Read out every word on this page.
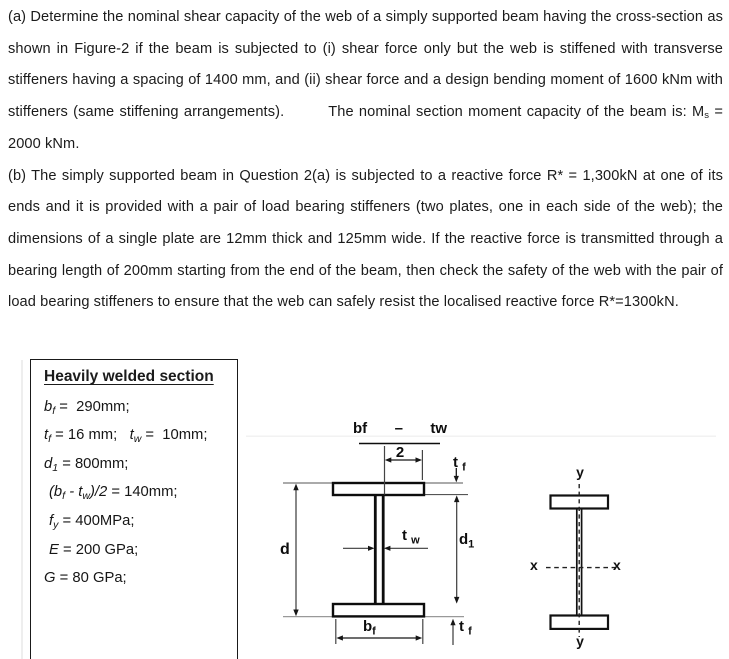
(a) Determine the nominal shear capacity of the web of a simply supported beam having the cross-section as shown in Figure-2 if the beam is subjected to (i) shear force only but the web is stiffened with transverse stiffeners having a spacing of 1400 mm, and (ii) shear force and a design bending moment of 1600 kNm with stiffeners (same stiffening arrangements).	The nominal section moment capacity of the beam is: $M_s = 2000$ kNm.

(b) The simply supported beam in Question 2(a) is subjected to a reactive force R* = 1,300kN at one of its ends and it is provided with a pair of load bearing stiffeners (two plates, one in each side of the web); the dimensions of a single plate are 12mm thick and 125mm wide. If the reactive force is transmitted through a bearing length of 200mm starting from the end of the beam, then check the safety of the web with the pair of load bearing stiffeners to ensure that the web can safely resist the localised reactive force R*=1300kN.

Heavily welded section
$b_f = 290mm$;
$t_f = 16$ mm;   $t_w = 10mm$;
$d_1 = 800mm$;
$(b_f - t_w)/2 = 140mm$;
$f_y = 400MPa$;
E = 200 GPa;
G = 80 GPa;
bf – tw
2
t $_f$
d
t $_w$	$d_1$
$b_f$	t $_f$
y
y
x	x
